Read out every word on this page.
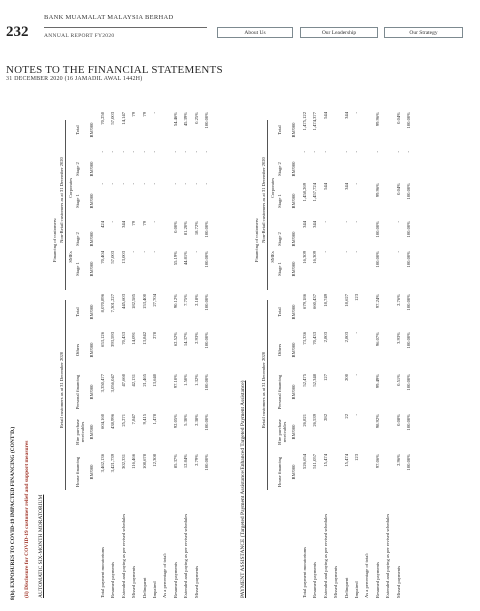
232
BANK MUAMALAT MALAYSIA BERHAD
ANNUAL REPORT FY2020
About Us	Our Leadership	Our Strategy
NOTES TO THE FINANCIAL STATEMENTS
31 DECEMBER 2020 (16 JAMADIL AWAL 1442H)
8(b). EXPOSURES TO COVID-19 IMPACTED FINANCING (CONT'D.) (ii) Disclosure for COVID-19 customer relief and support measures AUTOMATIC SIX-MONTH MORATORIUM
Financing of customers:
Retail customers as at 31 December 2020
Non-Retail customers as at 31 December 2020
SMEs
Corporates
House financing RM'000
Hire purchase receivables RM'000
Personal financing RM'000
Others RM'000
Total RM'000
Stage 1 RM'000
Stage 2 RM'000
Stage 1 RM'000
Stage 2 RM'000
Total RM'000
Total payment moratoriums
3,462,136
604,160
3,350,477
653,126
8,070,896
70,404
424
-
-
70,250
Resumed payments
3,421,739
438,996
3,056,047
393,593
7,301,227
57,003
-
-
-
57,003
Extended and paying as per revised schedules
302,331
25,271
47,660
70,433
445,603
13,003
344
-
-
14,147
Missed payments
116,466
7,847
42,131
14,091
182,585
-
79
-
-
79
Delinquent
108,678
9,415
21,465
13,842
153,400
-
79
-
-
79
Impaired
12,308
1,478
13,640
278
27,704
-
-
-
-
-
As a percentage of total: Resumed payments
85.37%
92.05%
97.10%
62.52%
90.12%
55.19%
0.00%
-
-
54.46%
Extended and paying as per revised schedules
12.84%
5.30%
1.50%
14.37%
7.75%
44.81%
81.20%
-
-
45.39%
Missed payments
2.79%
2.38%
1.32%
2.93%
2.18%
-
18.72%
-
-
0.25%
100.00%
100.00%
100.00%
100.00%
100.00%
100.00%
100.00%
-
-
100.00%
PAYMENT ASSISTANCE (Targeted Payment Assistance/Enhanced Targeted Payment Assistance)
Financing of customers:
Retail customers as at 31 December 2020
Non-Retail customers as at 31 December 2020
SMEs
Corporates
House financing RM'000
Hire purchase receivables RM'000
Personal financing RM'000
Others RM'000
Total RM'000
Stage 1 RM'000
Stage 2 RM'000
Stage 1 RM'000
Stage 2 RM'000
Total RM'000
Total payment moratoriums
526,654
26,821
52,475
73,336
679,186
16,309
344
1,458,269
-
1,475,122
Resumed payments
511,057
26,539
52,348
70,433
660,437
16,309
344
1,457,724
-
1,474,377
Extended and paying as per revised schedules
15,474
282
127
2,803
18,749
-
-
544
-
544
Missed payments Delinquent
15,474
22
200
2,803
18,627
-
-
344
-
344
Impaired
123
-
-
-
123
-
-
-
-
-
As a percentage of total: Resumed payments
97.06%
98.92%
99.49%
96.07%
97.24%
100.00%
100.00%
99.96%
-
99.96%
Extended and paying as per revised schedules Missed payments
2.96%
0.08%
0.51%
3.93%
2.76%
-
-
0.04%
-
0.04%
100.00%
100.00%
100.00%
100.00%
100.00%
100.00%
100.00%
100.00%
-
100.00%
